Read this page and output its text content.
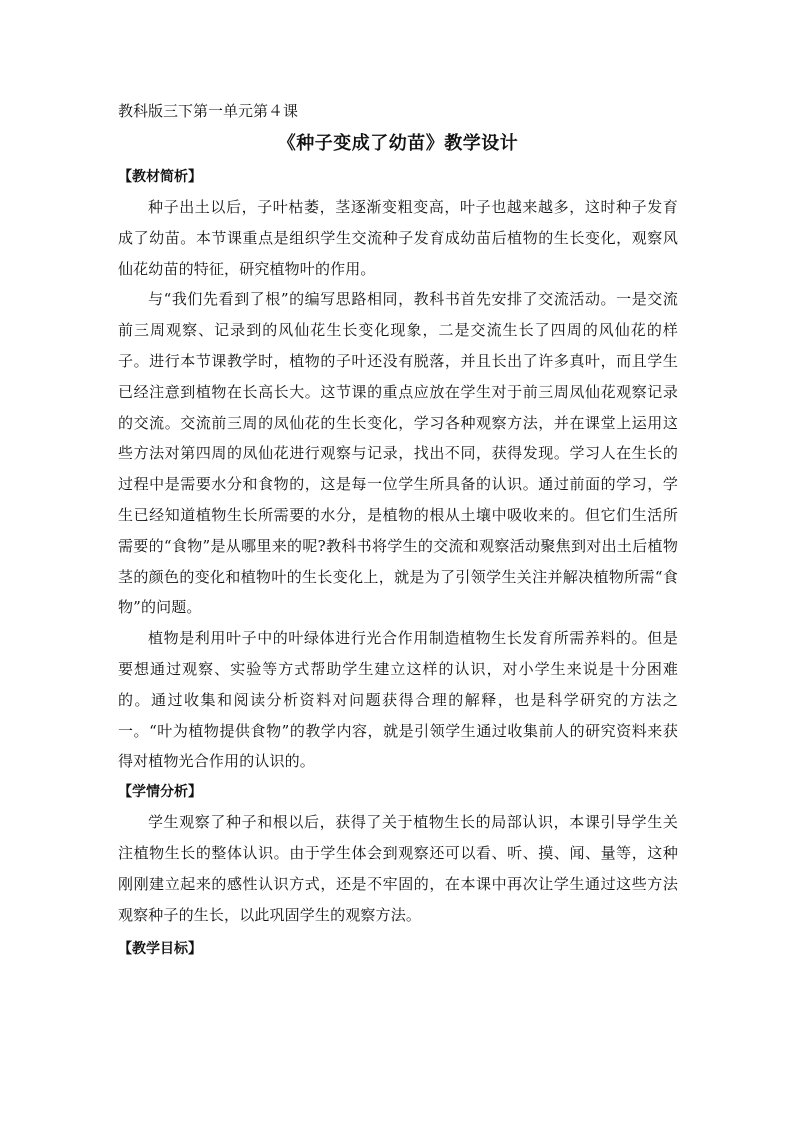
教科版三下第一单元第４课

《种子变成了幼苗》教学设计
【教材简析】

种子出土以后，子叶枯萎，茎逐渐变粗变高，叶子也越来越多，这时种子发育成了幼苗。本节课重点是组织学生交流种子发育成幼苗后植物的生长变化，观察风仙花幼苗的特征，研究植物叶的作用。

与“我们先看到了根”的编写思路相同，教科书首先安排了交流活动。一是交流前三周观察、记录到的风仙花生长变化现象，二是交流生长了四周的风仙花的样子。进行本节课教学时，植物的子叶还没有脱落，并且长出了许多真叶，而且学生已经注意到植物在长高长大。这节课的重点应放在学生对于前三周凤仙花观察记录的交流。交流前三周的凤仙花的生长变化，学习各种观察方法，并在课堂上运用这些方法对第四周的凤仙花进行观察与记录，找出不同，获得发现。学习人在生长的过程中是需要水分和食物的，这是每一位学生所具备的认识。通过前面的学习，学生已经知道植物生长所需要的水分，是植物的根从土壤中吸收来的。但它们生活所需要的“食物”是从哪里来的呢?教科书将学生的交流和观察活动聚焦到对出土后植物茎的颜色的变化和植物叶的生长变化上，就是为了引领学生关注并解决植物所需“食物”的问题。

植物是利用叶子中的叶绿体进行光合作用制造植物生长发育所需养料的。但是要想通过观察、实验等方式帮助学生建立这样的认识，对小学生来说是十分困难的。通过收集和阅读分析资料对问题获得合理的解释，也是科学研究的方法之一。“叶为植物提供食物”的教学内容，就是引领学生通过收集前人的研究资料来获得对植物光合作用的认识的。

【学情分析】

学生观察了种子和根以后，获得了关于植物生长的局部认识，本课引导学生关注植物生长的整体认识。由于学生体会到观察还可以看、听、摸、闻、量等，这种刚刚建立起来的感性认识方式，还是不牢固的，在本课中再次让学生通过这些方法观察种子的生长，以此巩固学生的观察方法。

【教学目标】
